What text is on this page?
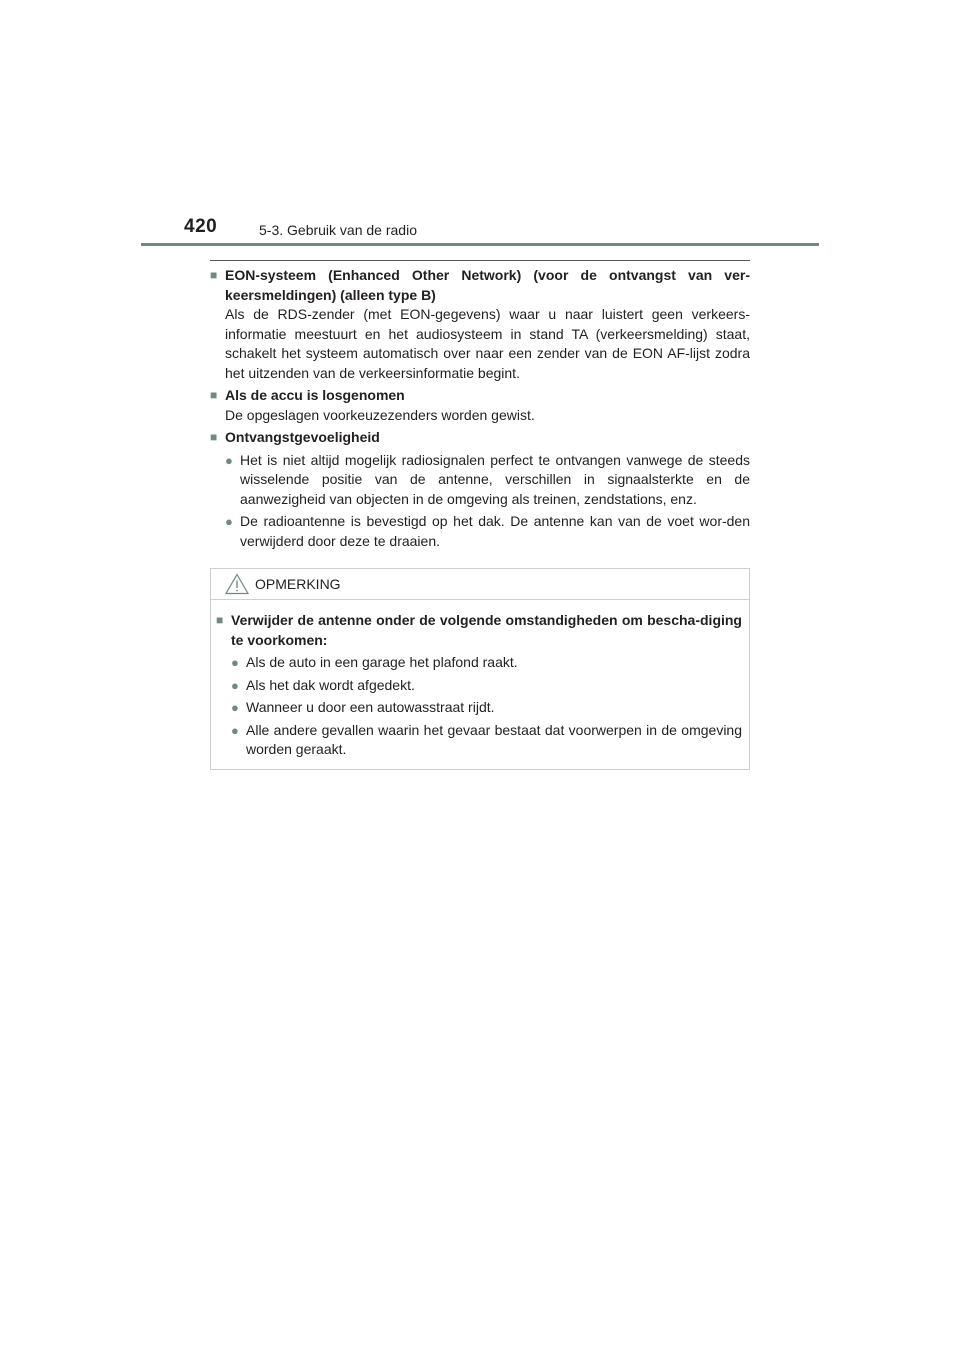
420	5-3. Gebruik van de radio
■ EON-systeem (Enhanced Other Network) (voor de ontvangst van ver-keersmeldingen) (alleen type B)
Als de RDS-zender (met EON-gegevens) waar u naar luistert geen verkeers-informatie meestuurt en het audiosysteem in stand TA (verkeersmelding) staat, schakelt het systeem automatisch over naar een zender van de EON AF-lijst zodra het uitzenden van de verkeersinformatie begint.
■ Als de accu is losgenomen
De opgeslagen voorkeuzezenders worden gewist.
■ Ontvangstgevoeligheid
● Het is niet altijd mogelijk radiosignalen perfect te ontvangen vanwege de steeds wisselende positie van de antenne, verschillen in signaalsterkte en de aanwezigheid van objecten in de omgeving als treinen, zendstations, enz.
● De radioantenne is bevestigd op het dak. De antenne kan van de voet wor-den verwijderd door deze te draaien.
OPMERKING
■ Verwijder de antenne onder de volgende omstandigheden om bescha-diging te voorkomen:
● Als de auto in een garage het plafond raakt.
● Als het dak wordt afgedekt.
● Wanneer u door een autowasstraat rijdt.
● Alle andere gevallen waarin het gevaar bestaat dat voorwerpen in de omgeving worden geraakt.
